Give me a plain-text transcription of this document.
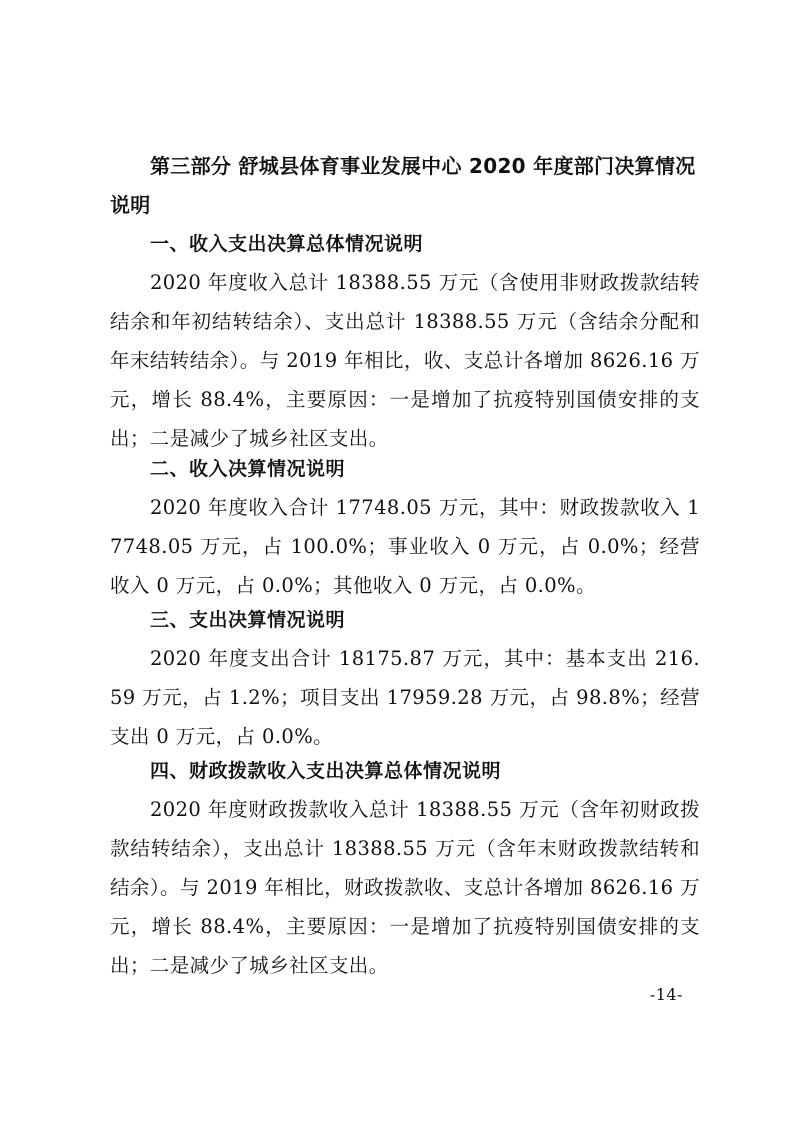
第三部分 舒城县体育事业发展中心 2020 年度部门决算情况说明
一、收入支出决算总体情况说明

2020 年度收入总计 18388.55 万元（含使用非财政拨款结转结余和年初结转结余）、支出总计 18388.55 万元（含结余分配和年末结转结余）。与 2019 年相比，收、支总计各增加 8626.16 万元，增长 88.4%，主要原因：一是增加了抗疫特别国债安排的支出；二是减少了城乡社区支出。

二、收入决算情况说明

2020 年度收入合计 17748.05 万元，其中：财政拨款收入 17748.05 万元，占 100.0%；事业收入 0 万元，占 0.0%；经营收入 0 万元，占 0.0%；其他收入 0 万元，占 0.0%。

三、支出决算情况说明

2020 年度支出合计 18175.87 万元，其中：基本支出 216.59 万元，占 1.2%；项目支出 17959.28 万元，占 98.8%；经营支出 0 万元，占 0.0%。

四、财政拨款收入支出决算总体情况说明

2020 年度财政拨款收入总计 18388.55 万元（含年初财政拨款结转结余），支出总计 18388.55 万元（含年末财政拨款结转和结余）。与 2019 年相比，财政拨款收、支总计各增加 8626.16 万元，增长 88.4%，主要原因：一是增加了抗疫特别国债安排的支出；二是减少了城乡社区支出。

-14-
